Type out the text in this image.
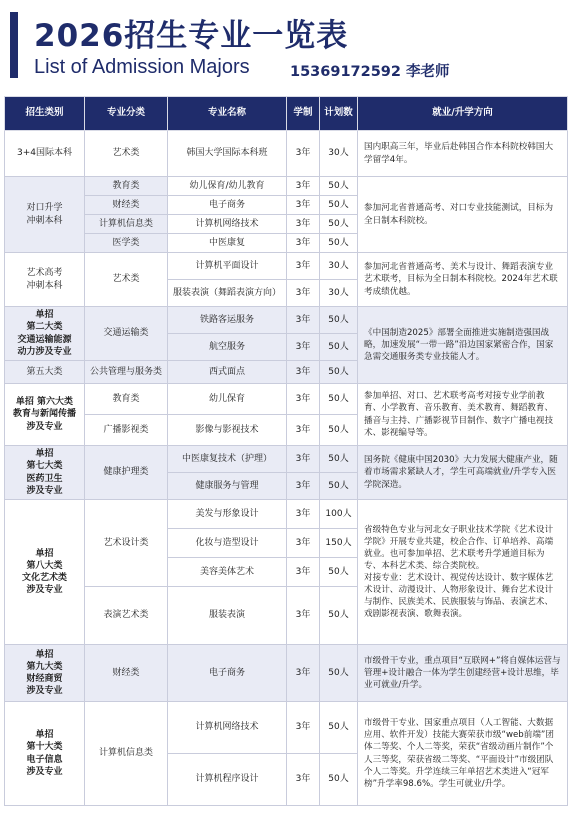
2026招生专业一览表
List of Admission Majors	15369172592 李老师
招生类别	专业分类	专业名称	学制	计划数	就业/升学方向
3+4国际本科	艺术类	韩国大学国际本科班	3年	30人	国内职高三年，毕业后赴韩国合作本科院校韩国大学留学4年。
对口升学
冲刺本科	教育类	幼儿保育/幼儿教育	3年	50人	参加河北省普通高考、对口专业技能测试，目标为全日制本科院校。
	财经类	电子商务	3年	50人	
	计算机信息类	计算机网络技术	3年	50人	
	医学类	中医康复	3年	50人	
艺术高考
冲刺本科	艺术类	计算机平面设计	3年	30人	参加河北省普通高考、美术与设计、舞蹈表演专业艺术联考，目标为全日制本科院校。2024年艺术联考成绩优越。
		服装表演（舞蹈表演方向）	3年	30人	
单招
第二大类
交通运输能源
动力涉及专业	交通运输类	铁路客运服务	3年	50人	《中国制造2025》部署全面推进实施制造强国战略，加速发展“一带一路”沿边国家紧密合作，国家急需交通服务类专业技能人才。
		航空服务	3年	50人	
第五大类	公共管理与服务类	西式面点	3年	50人	
单招 第六大类
教育与新闻传播
涉及专业	教育类	幼儿保育	3年	50人	参加单招、对口、艺术联考高考对接专业学前教育、小学教育、音乐教育、美术教育、舞蹈教育、播音与主持、广播影视节目制作、数字广播电视技术、影视编导等。
	广播影视类	影像与影视技术	3年	50人	
单招
第七大类
医药卫生
涉及专业	健康护理类	中医康复技术（护理）	3年	50人	国务院《健康中国2030》大力发展大健康产业，随着市场需求紧缺人才，学生可高端就业/升学专入医学院深造。
		健康服务与管理	3年	50人	
单招
第八大类
文化艺术类
涉及专业	艺术设计类	美发与形象设计	3年	100人	省级特色专业与河北女子职业技术学院《艺术设计学院》开展专业共建，校企合作、订单培养、高端就业。也可参加单招、艺术联考升学通道目标为专、本科艺术类、综合类院校。
对接专业：艺术设计、视觉传达设计、数字媒体艺术设计、动漫设计、人物形象设计、舞台艺术设计与制作、民族美术、民族服装与饰品、表演艺术、戏剧影视表演、歌舞表演。
		化妆与造型设计	3年	150人	
		美容美体艺术	3年	50人	
	表演艺术类	服装表演	3年	50人	
单招
第九大类
财经商贸
涉及专业	财经类	电子商务	3年	50人	市级骨干专业，重点项目“互联网+”将自媒体运营与管理+设计融合一体为学生创建经营+设计思维，毕业可就业/升学。
单招
第十大类
电子信息
涉及专业	计算机信息类	计算机网络技术	3年	50人	市级骨干专业、国家重点项目（人工智能、大数据应用、软件开发）技能大赛荣获市级“web前端”团体二等奖、个人二等奖，荣获“省级动画片制作”个人三等奖，荣获省级二等奖、“平面设计”市级团队个人二等奖。升学连续三年单招艺术类进入“冠军榜”升学率98.6%。学生可就业/升学。
		计算机程序设计	3年	50人	
